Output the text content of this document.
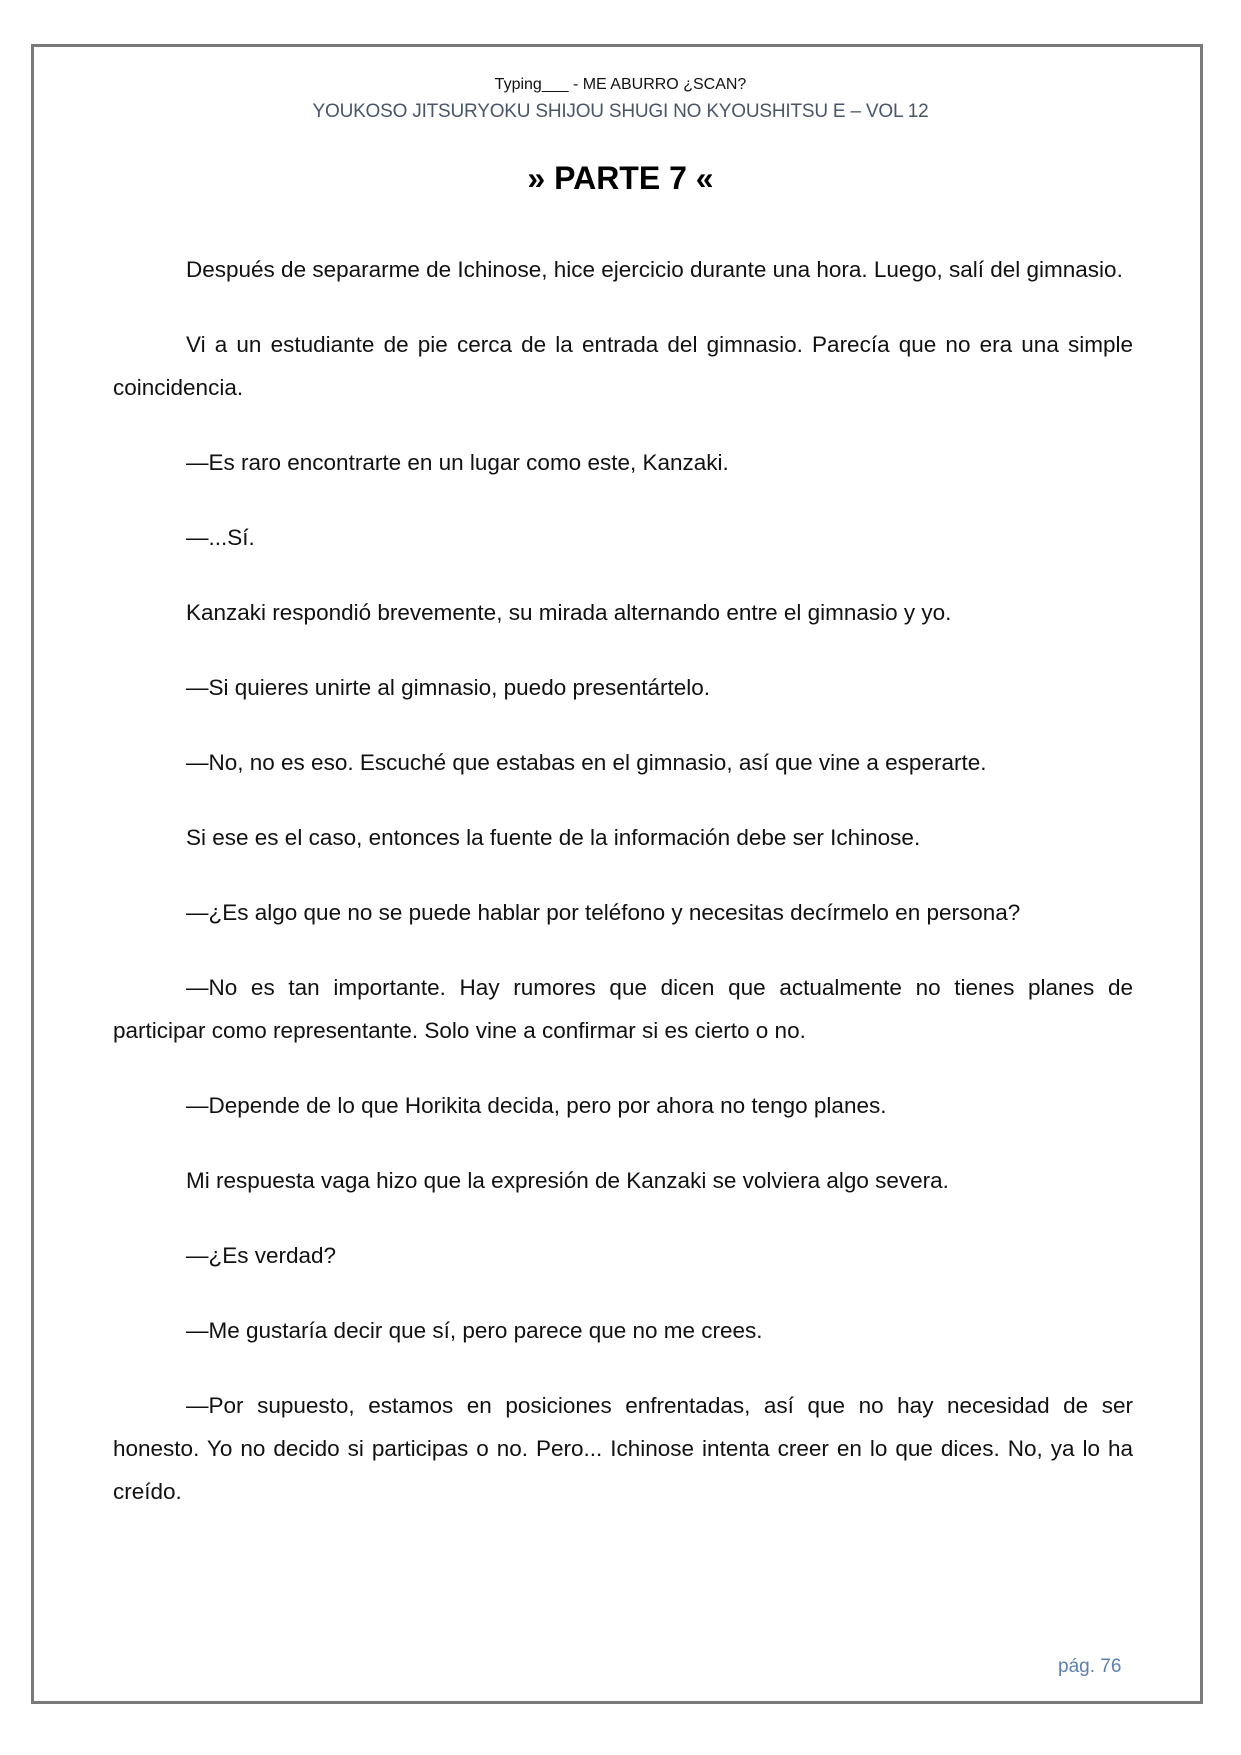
Typing___ - ME ABURRO ¿SCAN?
YOUKOSO JITSURYOKU SHIJOU SHUGI NO KYOUSHITSU E – VOL 12
» PARTE 7 «

Después de separarme de Ichinose, hice ejercicio durante una hora. Luego, salí del gimnasio.

Vi a un estudiante de pie cerca de la entrada del gimnasio. Parecía que no era una simple coincidencia.

—Es raro encontrarte en un lugar como este, Kanzaki.

—...Sí.

Kanzaki respondió brevemente, su mirada alternando entre el gimnasio y yo.

—Si quieres unirte al gimnasio, puedo presentártelo.

—No, no es eso. Escuché que estabas en el gimnasio, así que vine a esperarte.

Si ese es el caso, entonces la fuente de la información debe ser Ichinose.

—¿Es algo que no se puede hablar por teléfono y necesitas decírmelo en persona?

—No es tan importante. Hay rumores que dicen que actualmente no tienes planes de participar como representante. Solo vine a confirmar si es cierto o no.

—Depende de lo que Horikita decida, pero por ahora no tengo planes.

Mi respuesta vaga hizo que la expresión de Kanzaki se volviera algo severa.

—¿Es verdad?

—Me gustaría decir que sí, pero parece que no me crees.

—Por supuesto, estamos en posiciones enfrentadas, así que no hay necesidad de ser honesto. Yo no decido si participas o no. Pero... Ichinose intenta creer en lo que dices. No, ya lo ha creído.

pág. 76
